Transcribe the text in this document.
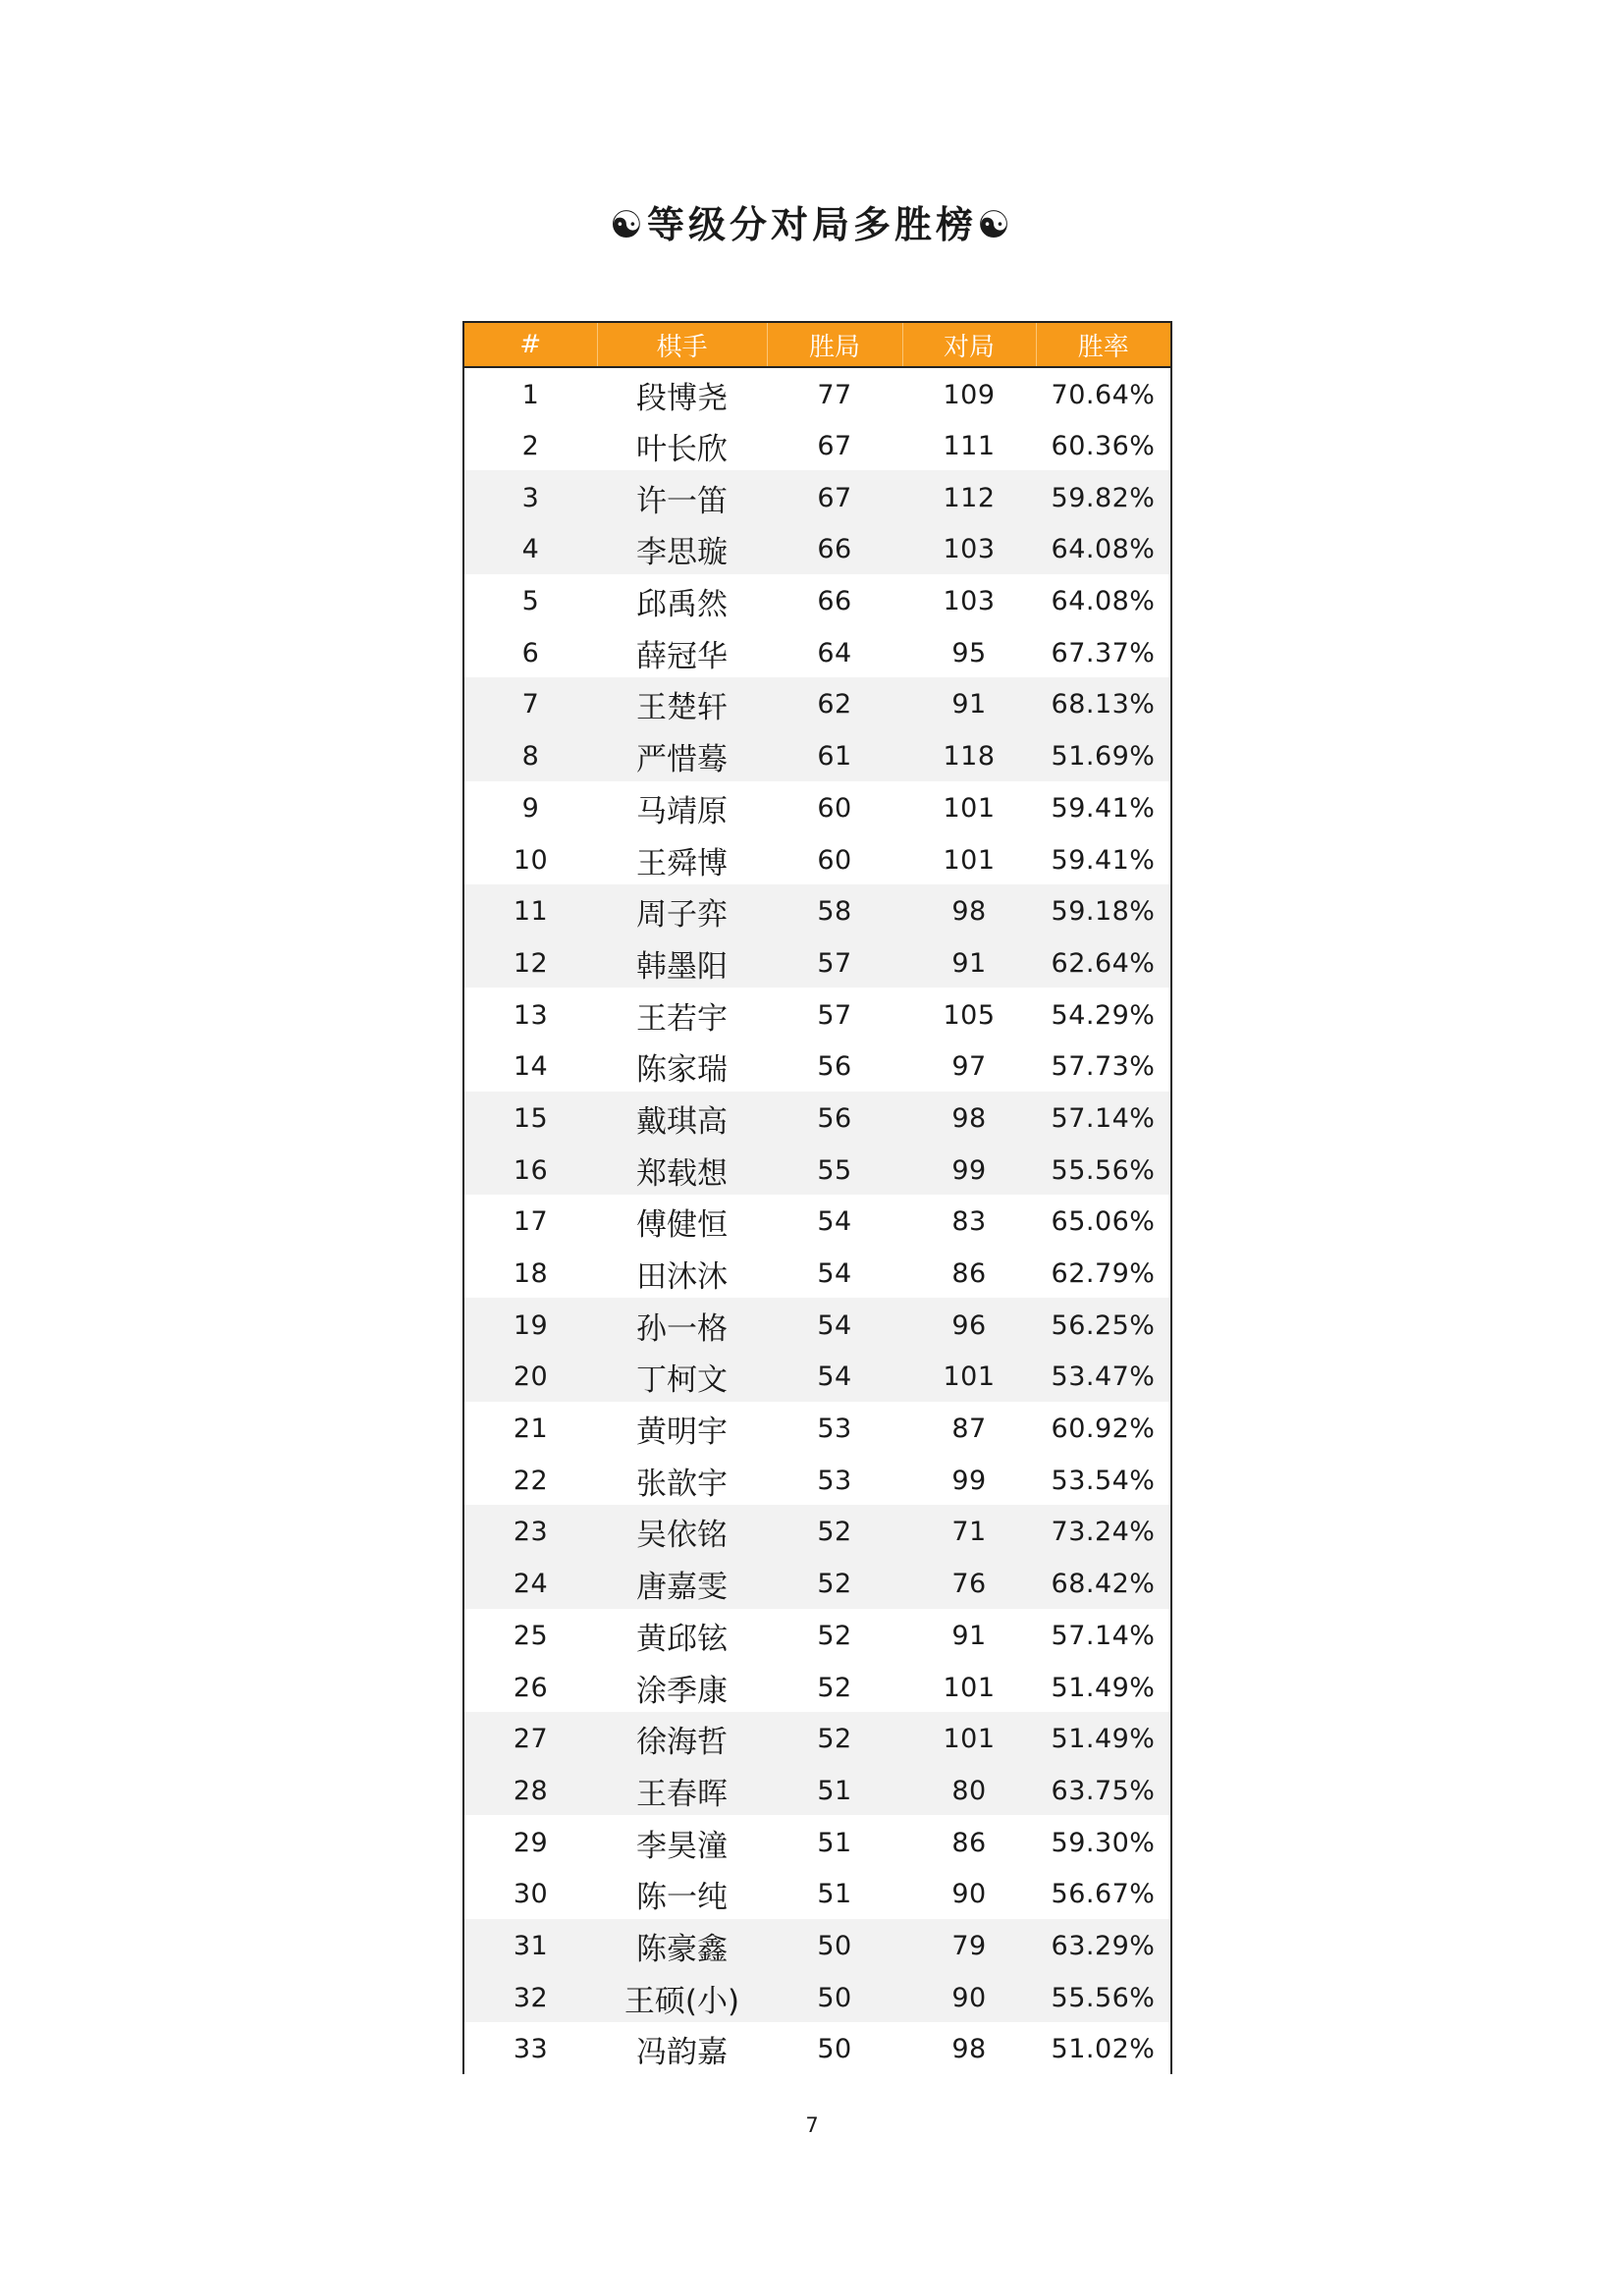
☯等级分对局多胜榜☯
#	棋手	胜局	对局	胜率
1	段博尧	77	109	70.64%
2	叶长欣	67	111	60.36%
3	许一笛	67	112	59.82%
4	李思璇	66	103	64.08%
5	邱禹然	66	103	64.08%
6	薛冠华	64	95	67.37%
7	王楚轩	62	91	68.13%
8	严惜蓦	61	118	51.69%
9	马靖原	60	101	59.41%
10	王舜博	60	101	59.41%
11	周子弈	58	98	59.18%
12	韩墨阳	57	91	62.64%
13	王若宇	57	105	54.29%
14	陈家瑞	56	97	57.73%
15	戴琪高	56	98	57.14%
16	郑载想	55	99	55.56%
17	傅健恒	54	83	65.06%
18	田沐沐	54	86	62.79%
19	孙一格	54	96	56.25%
20	丁柯文	54	101	53.47%
21	黄明宇	53	87	60.92%
22	张歆宇	53	99	53.54%
23	吴依铭	52	71	73.24%
24	唐嘉雯	52	76	68.42%
25	黄邱铉	52	91	57.14%
26	涂季康	52	101	51.49%
27	徐海哲	52	101	51.49%
28	王春晖	51	80	63.75%
29	李昊潼	51	86	59.30%
30	陈一纯	51	90	56.67%
31	陈豪鑫	50	79	63.29%
32	王硕(小)	50	90	55.56%
33	冯韵嘉	50	98	51.02%
7
